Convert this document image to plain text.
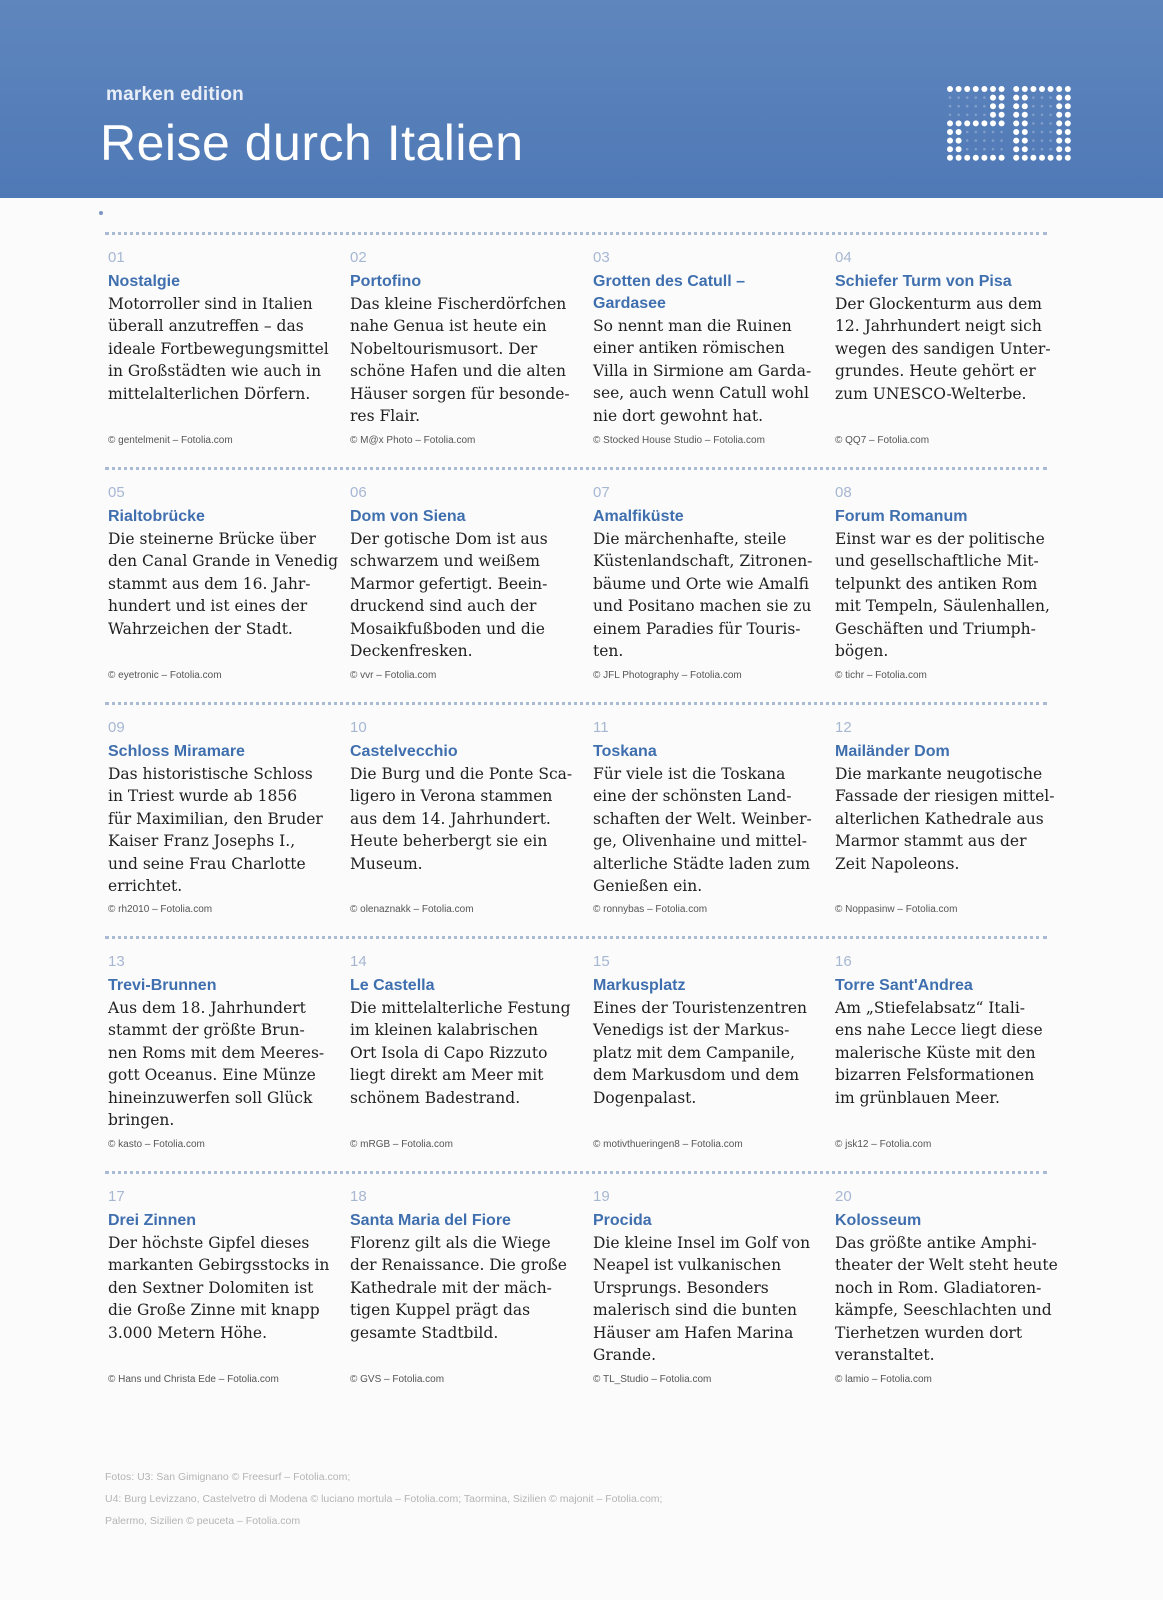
marken edition
Reise durch Italien
01
Nostalgie
Motorroller sind in Italien
überall anzutreffen – das
ideale Fortbewegungsmittel
in Großstädten wie auch in
mittelalterlichen Dörfern.
© gentelmenit – Fotolia.com
02
Portofino
Das kleine Fischerdörfchen
nahe Genua ist heute ein
Nobeltourismusort. Der
schöne Hafen und die alten
Häuser sorgen für besonde-
res Flair.
© M@x Photo – Fotolia.com
03
Grotten des Catull –
Gardasee
So nennt man die Ruinen
einer antiken römischen
Villa in Sirmione am Garda-
see, auch wenn Catull wohl
nie dort gewohnt hat.
© Stocked House Studio – Fotolia.com
04
Schiefer Turm von Pisa
Der Glockenturm aus dem
12. Jahrhundert neigt sich
wegen des sandigen Unter-
grundes. Heute gehört er
zum UNESCO-Welterbe.
© QQ7 – Fotolia.com
05
Rialtobrücke
Die steinerne Brücke über
den Canal Grande in Venedig
stammt aus dem 16. Jahr-
hundert und ist eines der
Wahrzeichen der Stadt.
© eyetronic – Fotolia.com
06
Dom von Siena
Der gotische Dom ist aus
schwarzem und weißem
Marmor gefertigt. Beein-
druckend sind auch der
Mosaikfußboden und die
Deckenfresken.
© vvr – Fotolia.com
07
Amalfiküste
Die märchenhafte, steile
Küstenlandschaft, Zitronen-
bäume und Orte wie Amalfi
und Positano machen sie zu
einem Paradies für Touris-
ten.
© JFL Photography – Fotolia.com
08
Forum Romanum
Einst war es der politische
und gesellschaftliche Mit-
telpunkt des antiken Rom
mit Tempeln, Säulenhallen,
Geschäften und Triumph-
bögen.
© tichr – Fotolia.com
09
Schloss Miramare
Das historistische Schloss
in Triest wurde ab 1856
für Maximilian, den Bruder
Kaiser Franz Josephs I.,
und seine Frau Charlotte
errichtet.
© rh2010 – Fotolia.com
10
Castelvecchio
Die Burg und die Ponte Sca-
ligero in Verona stammen
aus dem 14. Jahrhundert.
Heute beherbergt sie ein
Museum.
© olenaznakk – Fotolia.com
11
Toskana
Für viele ist die Toskana
eine der schönsten Land-
schaften der Welt. Weinber-
ge, Olivenhaine und mittel-
alterliche Städte laden zum
Genießen ein.
© ronnybas – Fotolia.com
12
Mailänder Dom
Die markante neugotische
Fassade der riesigen mittel-
alterlichen Kathedrale aus
Marmor stammt aus der
Zeit Napoleons.
© Noppasinw – Fotolia.com
13
Trevi-Brunnen
Aus dem 18. Jahrhundert
stammt der größte Brun-
nen Roms mit dem Meeres-
gott Oceanus. Eine Münze
hineinzuwerfen soll Glück
bringen.
© kasto – Fotolia.com
14
Le Castella
Die mittelalterliche Festung
im kleinen kalabrischen
Ort Isola di Capo Rizzuto
liegt direkt am Meer mit
schönem Badestrand.
© mRGB – Fotolia.com
15
Markusplatz
Eines der Touristenzentren
Venedigs ist der Markus-
platz mit dem Campanile,
dem Markusdom und dem
Dogenpalast.
© motivthueringen8 – Fotolia.com
16
Torre Sant'Andrea
Am „Stiefelabsatz“ Itali-
ens nahe Lecce liegt diese
malerische Küste mit den
bizarren Felsformationen
im grünblauen Meer.
© jsk12 – Fotolia.com
17
Drei Zinnen
Der höchste Gipfel dieses
markanten Gebirgsstocks in
den Sextner Dolomiten ist
die Große Zinne mit knapp
3.000 Metern Höhe.
© Hans und Christa Ede – Fotolia.com
18
Santa Maria del Fiore
Florenz gilt als die Wiege
der Renaissance. Die große
Kathedrale mit der mäch-
tigen Kuppel prägt das
gesamte Stadtbild.
© GVS – Fotolia.com
19
Procida
Die kleine Insel im Golf von
Neapel ist vulkanischen
Ursprungs. Besonders
malerisch sind die bunten
Häuser am Hafen Marina
Grande.
© TL_Studio – Fotolia.com
20
Kolosseum
Das größte antike Amphi-
theater der Welt steht heute
noch in Rom. Gladiatoren-
kämpfe, Seeschlachten und
Tierhetzen wurden dort
veranstaltet.
© lamio – Fotolia.com
Fotos: U3: San Gimignano © Freesurf – Fotolia.com;
U4: Burg Levizzano, Castelvetro di Modena © luciano mortula – Fotolia.com; Taormina, Sizilien © majonit – Fotolia.com;
Palermo, Sizilien © peuceta – Fotolia.com
